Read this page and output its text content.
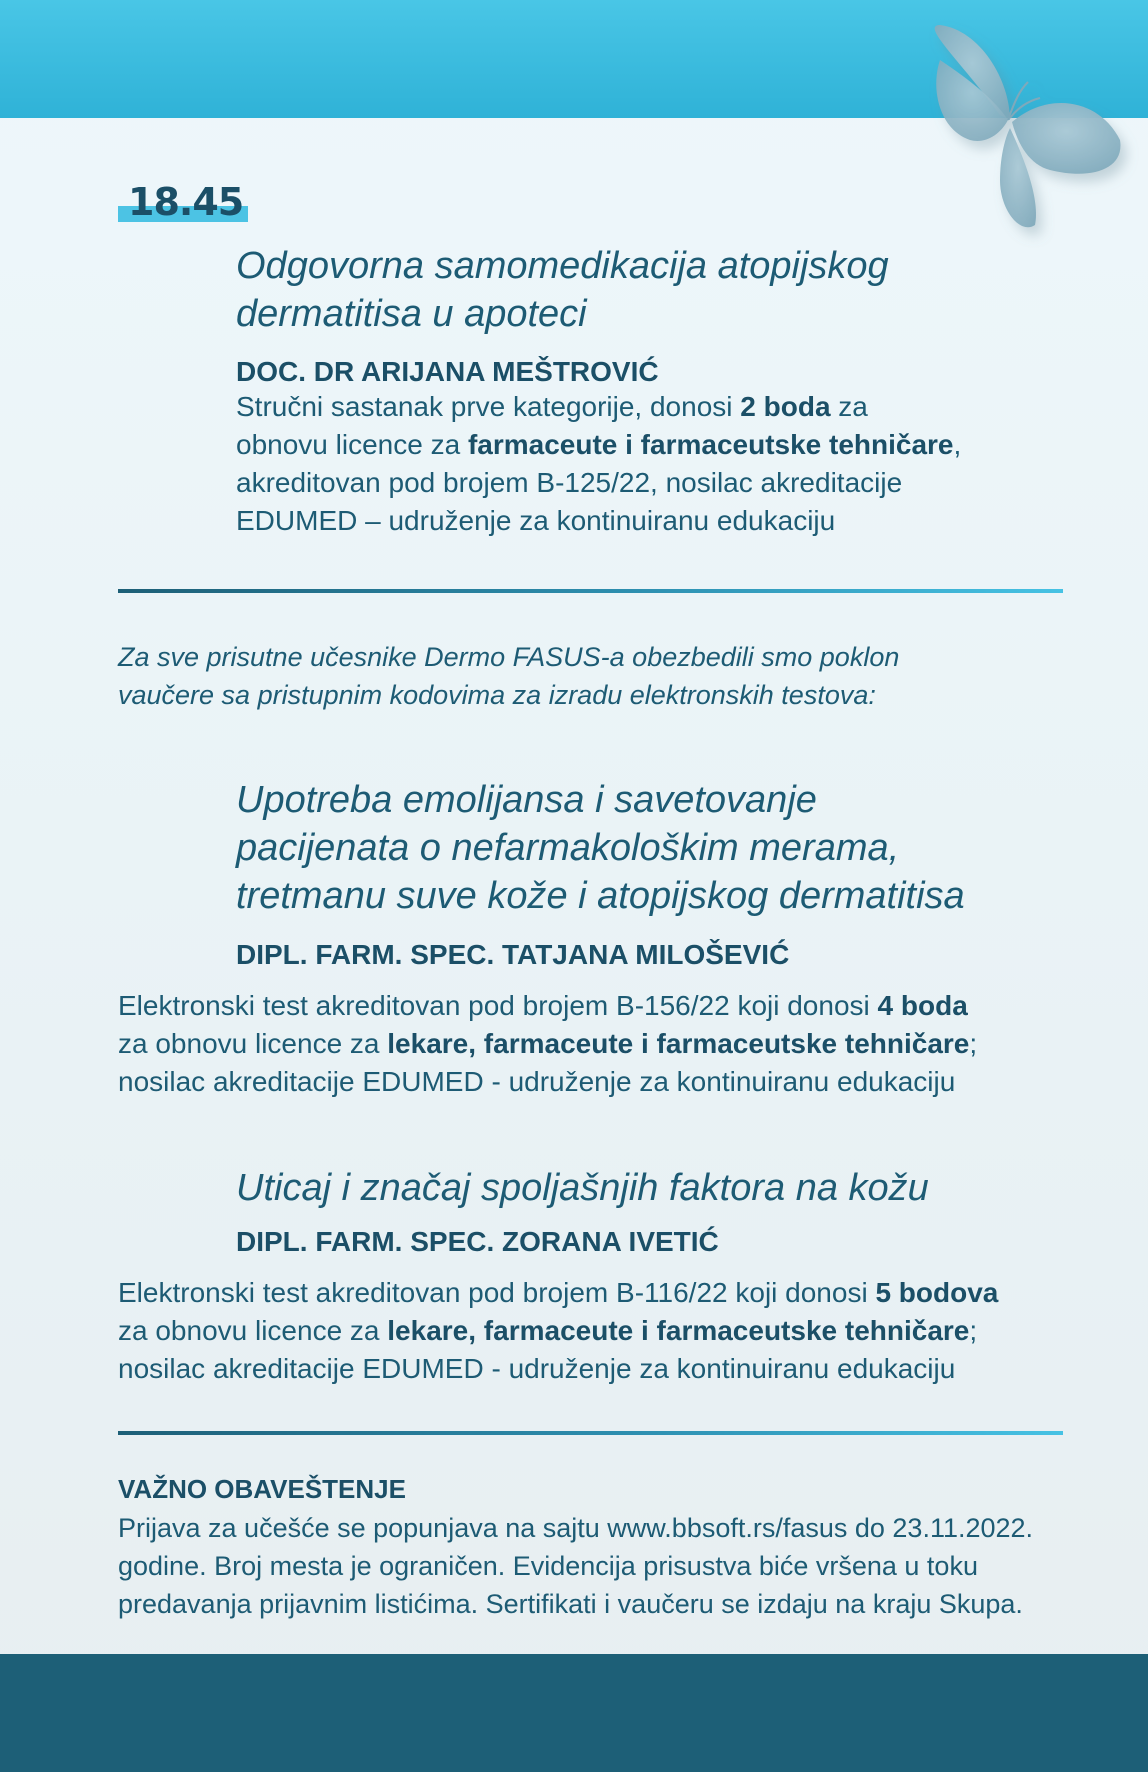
18.45
Odgovorna samomedikacija atopijskog
dermatitisa u apoteci
DOC. DR ARIJANA MEŠTROVIĆ
Stručni sastanak prve kategorije, donosi 2 boda za
obnovu licence za farmaceute i farmaceutske tehničare,
akreditovan pod brojem B-125/22, nosilac akreditacije
EDUMED – udruženje za kontinuiranu edukaciju
Za sve prisutne učesnike Dermo FASUS-a obezbedili smo poklon
vaučere sa pristupnim kodovima za izradu elektronskih testova:
Upotreba emolijansa i savetovanje
pacijenata o nefarmakološkim merama,
tretmanu suve kože i atopijskog dermatitisa
DIPL. FARM. SPEC. TATJANA MILOŠEVIĆ
Elektronski test akreditovan pod brojem B-156/22 koji donosi 4 boda
za obnovu licence za lekare, farmaceute i farmaceutske tehničare;
nosilac akreditacije EDUMED - udruženje za kontinuiranu edukaciju
Uticaj i značaj spoljašnjih faktora na kožu
DIPL. FARM. SPEC. ZORANA IVETIĆ
Elektronski test akreditovan pod brojem B-116/22 koji donosi 5 bodova
za obnovu licence za lekare, farmaceute i farmaceutske tehničare;
nosilac akreditacije EDUMED - udruženje za kontinuiranu edukaciju
VAŽNO OBAVEŠTENJE
Prijava za učešće se popunjava na sajtu www.bbsoft.rs/fasus do 23.11.2022.
godine. Broj mesta je ograničen. Evidencija prisustva biće vršena u toku
predavanja prijavnim listićima. Sertifikati i vaučeru se izdaju na kraju Skupa.
